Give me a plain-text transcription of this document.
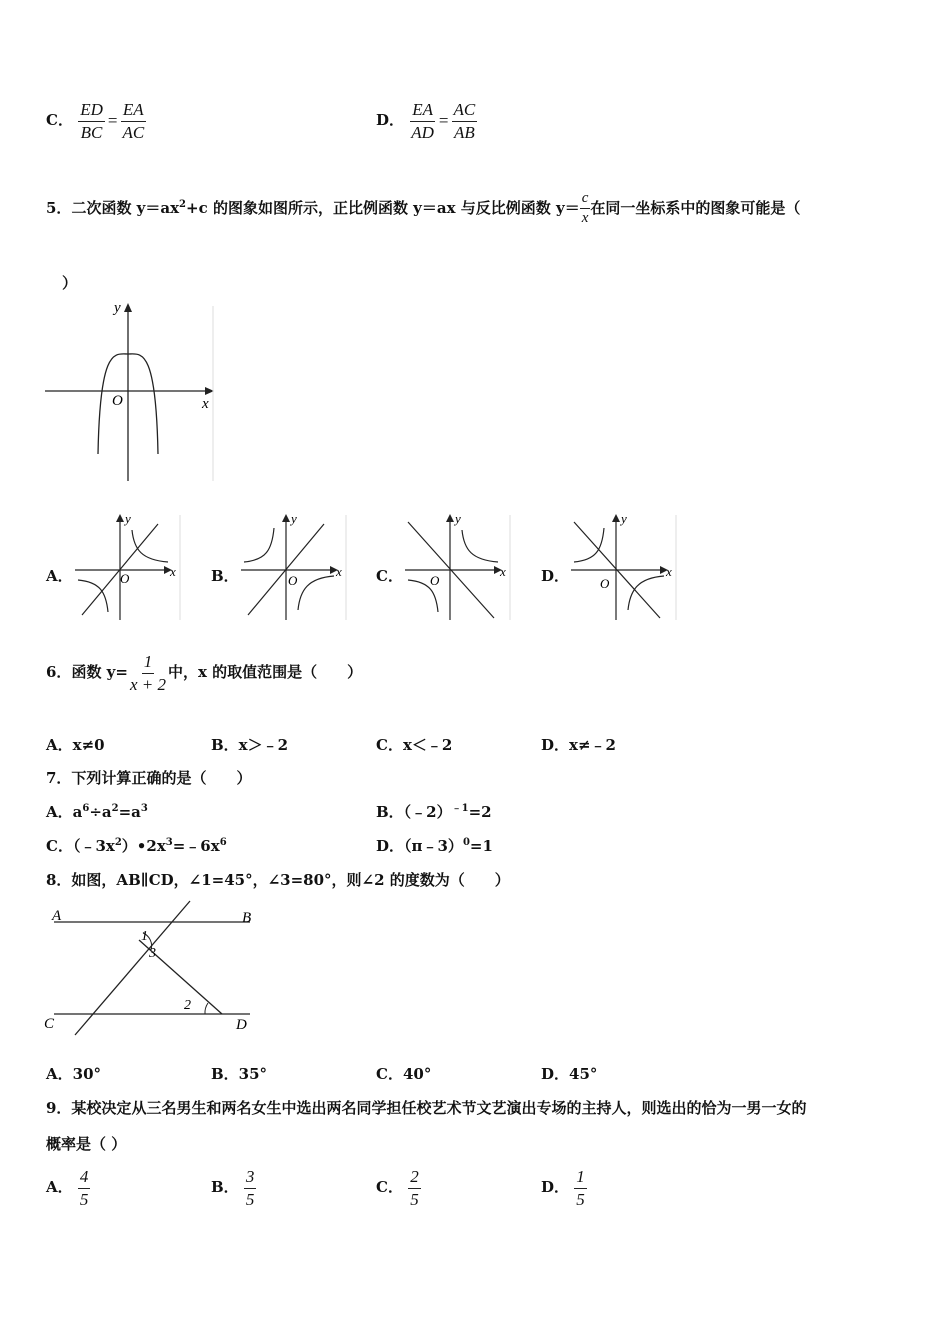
C． $\frac{ED}{BC} = \frac{EA}{AC}$	D． $\frac{EA}{AD} = \frac{AC}{AB}$
5．二次函数 $y=ax^2+c$ 的图象如图所示，正比例函数 y＝ax 与反比例函数 $y= \frac{c}{x}$ 在同一坐标系中的图象可能是（
）
y
x
O
A．
y
x
O	B．
y
x
O	C．
y
x
O	D．
y
x
O
6．函数 $y= \frac{1}{x + 2}$ 中，x 的取值范围是（　　）
A．x≠0	B．x＞﹣2	C．x＜﹣2	D．x≠﹣2
7．下列计算正确的是（　　）
A．$a^6\div a^2=a^3$	B．（﹣2）$^{﹣1}$=2
C．$(﹣3x^2)•2x^3=﹣6x^6$	D．（π﹣3）$^0$=1
8．如图，AB∥CD，∠1=45°，∠3=80°，则∠2 的度数为（　　）
A	B
C	D
1
3
2
A．30°	B．35°	C．40°	D．45°
9．某校决定从三名男生和两名女生中选出两名同学担任校艺术节文艺演出专场的主持人，则选出的恰为一男一女的
概率是（ ）
A． $\frac{4}{5}$	B． $\frac{3}{5}$	C． $\frac{2}{5}$	D． $\frac{1}{5}$
